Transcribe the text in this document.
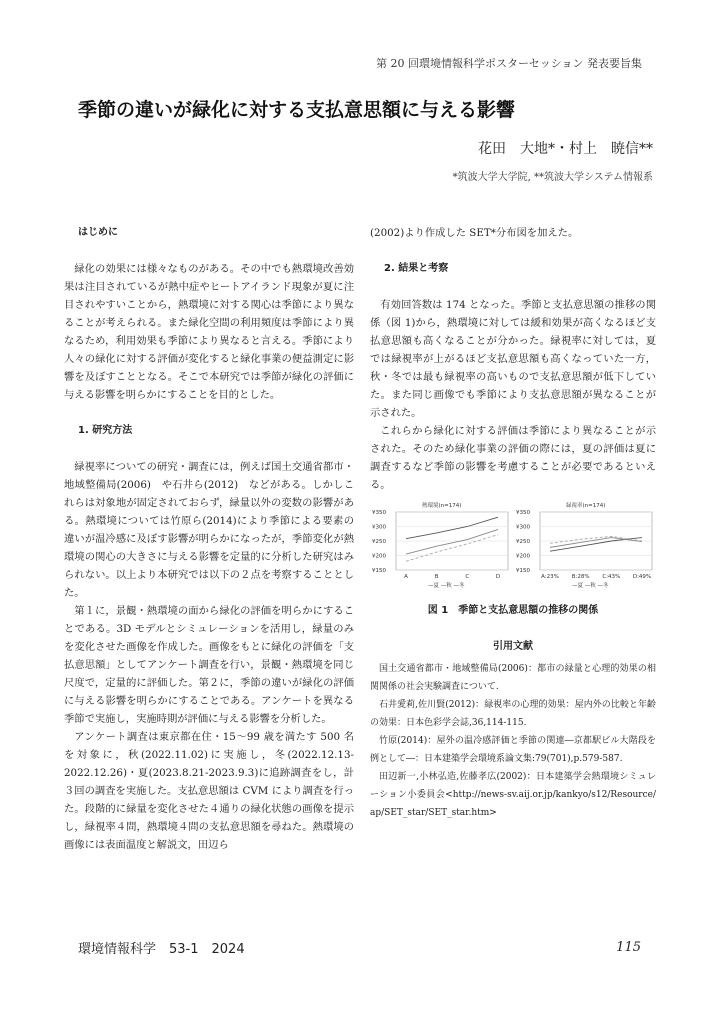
第 20 回環境情報科学ポスターセッション 発表要旨集
季節の違いが緑化に対する支払意思額に与える影響
花田　大地*・村上　暁信**
*筑波大学大学院, **筑波大学システム情報系

はじめに

緑化の効果には様々なものがある。その中でも熱環境改善効果は注目されているが熱中症やヒートアイランド現象が夏に注目されやすいことから，熱環境に対する関心は季節により異なることが考えられる。また緑化空間の利用頻度は季節により異なるため，利用効果も季節により異なると言える。季節により人々の緑化に対する評価が変化すると緑化事業の便益測定に影響を及ぼすこととなる。そこで本研究では季節が緑化の評価に与える影響を明らかにすることを目的とした。

1. 研究方法

緑視率についての研究・調査には，例えば国土交通省都市・地域整備局(2006)　や石井ら(2012)　などがある。しかしこれらは対象地が固定されておらず，緑量以外の変数の影響がある。熱環境については竹原ら(2014)により季節による要素の違いが温冷感に及ぼす影響が明らかになったが，季節変化が熱環境の関心の大きさに与える影響を定量的に分析した研究はみられない。以上より本研究では以下の２点を考察することとした。

第１に，景観・熱環境の面から緑化の評価を明らかにすることである。3D モデルとシミュレーションを活用し，緑量のみを変化させた画像を作成した。画像をもとに緑化の評価を「支払意思額」としてアンケート調査を行い，景観・熱環境を同じ尺度で，定量的に評価した。第２に，季節の違いが緑化の評価に与える影響を明らかにすることである。アンケートを異なる季節で実施し，実施時期が評価に与える影響を分析した。

アンケート調査は東京都在住・15〜99 歳を満たす 500 名を対象に，秋(2022.11.02)に実施し，冬(2022.12.13-2022.12.26)・夏(2023.8.21-2023.9.3)に追跡調査をし，計３回の調査を実施した。支払意思額は CVM により調査を行った。段階的に緑量を変化させた４通りの緑化状態の画像を提示し，緑視率４問，熱環境４問の支払意思額を尋ねた。熱環境の画像には表面温度と解説文，田辺ら

(2002)より作成した SET*分布図を加えた。

2. 結果と考察

有効回答数は 174 となった。季節と支払意思額の推移の関係（図 1)から，熱環境に対しては緩和効果が高くなるほど支払意思額も高くなることが分かった。緑視率に対しては，夏では緑視率が上がるほど支払意思額も高くなっていた一方，秋・冬では最も緑視率の高いもので支払意思額が低下していた。また同じ画像でも季節により支払意思額が異なることが示された。

これらから緑化に対する評価は季節により異なることが示された。そのため緑化事業の評価の際には，夏の評価は夏に調査するなど季節の影響を考慮することが必要であるといえる。

熱環境(n=174)
¥350
¥300
¥250
¥200
¥150
A	B	C	D
—夏 —秋 —冬
緑視率(n=174)
¥350
¥300
¥250
¥200
¥150
A:23% B:28% C:43% D:49%
—夏 —秋 —冬
図 1　季節と支払意思額の推移の関係
引用文献

国土交通省都市・地域整備局(2006)：都市の緑量と心理的効果の相関関係の社会実験調査について.

石井愛莉,佐川賢(2012)：緑視率の心理的効果：屋内外の比較と年齢の効果：日本色彩学会誌,36,114-115.

竹原(2014)：屋外の温冷感評価と季節の関連―京都駅ビル大階段を例として―：日本建築学会環境系論文集:79(701),p.579-587.

田辺新一,小林弘造,佐藤孝広(2002)：日本建築学会熱環境シミュレーション小委員会<http://news-sv.aij.or.jp/kankyo/s12/Resource/ap/SET_star/SET_star.htm>

環境情報科学　53-1　2024	115
